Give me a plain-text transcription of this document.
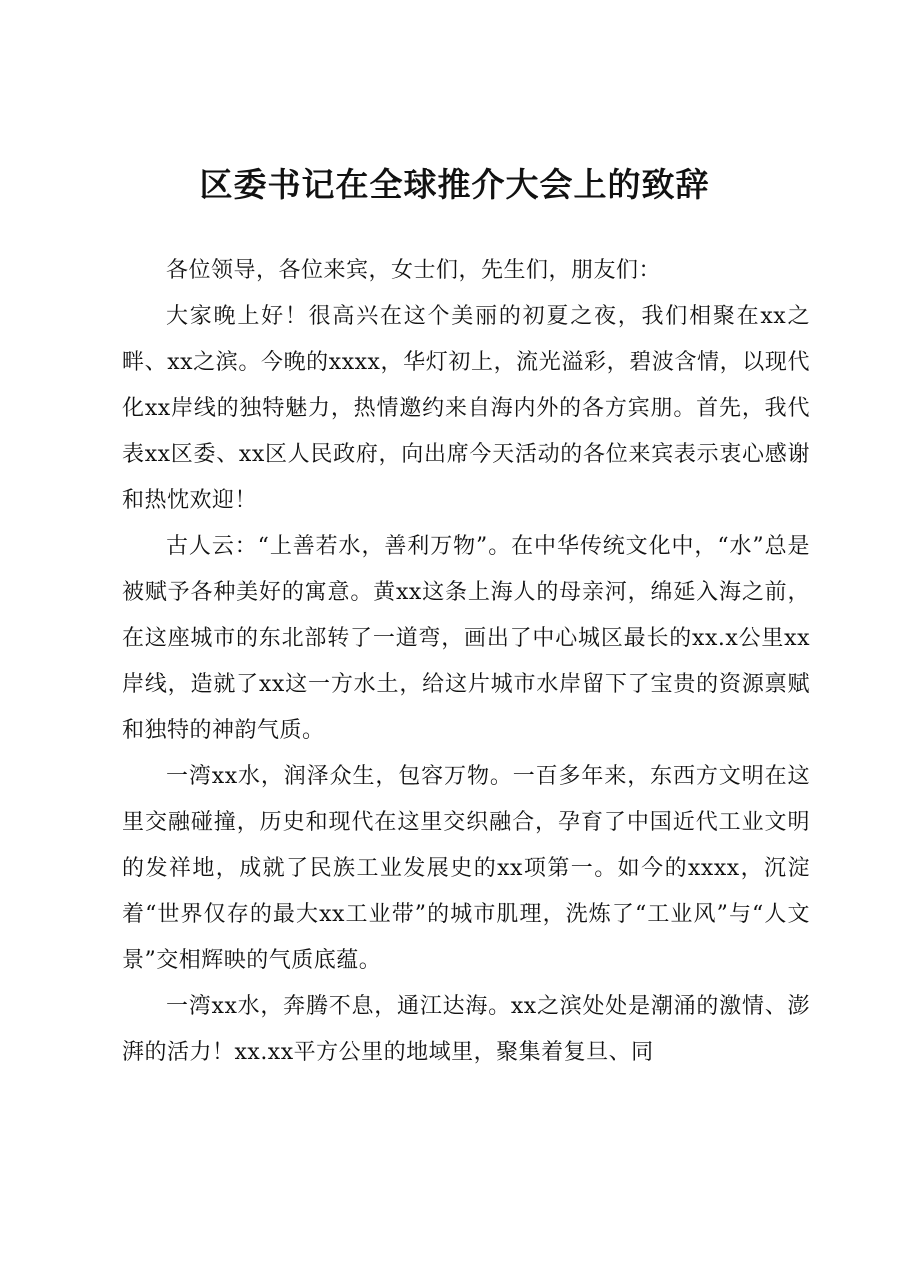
区委书记在全球推介大会上的致辞

各位领导，各位来宾，女士们，先生们，朋友们：

大家晚上好！很高兴在这个美丽的初夏之夜，我们相聚在xx之畔、xx之滨。今晚的xxxx，华灯初上，流光溢彩，碧波含情，以现代化xx岸线的独特魅力，热情邀约来自海内外的各方宾朋。首先，我代表xx区委、xx区人民政府，向出席今天活动的各位来宾表示衷心感谢和热忱欢迎！

古人云：“上善若水，善利万物”。在中华传统文化中，“水”总是被赋予各种美好的寓意。黄xx这条上海人的母亲河，绵延入海之前，在这座城市的东北部转了一道弯，画出了中心城区最长的xx.x公里xx岸线，造就了xx这一方水土，给这片城市水岸留下了宝贵的资源禀赋和独特的神韵气质。

一湾xx水，润泽众生，包容万物。一百多年来，东西方文明在这里交融碰撞，历史和现代在这里交织融合，孕育了中国近代工业文明的发祥地，成就了民族工业发展史的xx项第一。如今的xxxx，沉淀着“世界仅存的最大xx工业带”的城市肌理，洗炼了“工业风”与“人文景”交相辉映的气质底蕴。

一湾xx水，奔腾不息，通江达海。xx之滨处处是潮涌的激情、澎湃的活力！xx.xx平方公里的地域里，聚集着复旦、同
